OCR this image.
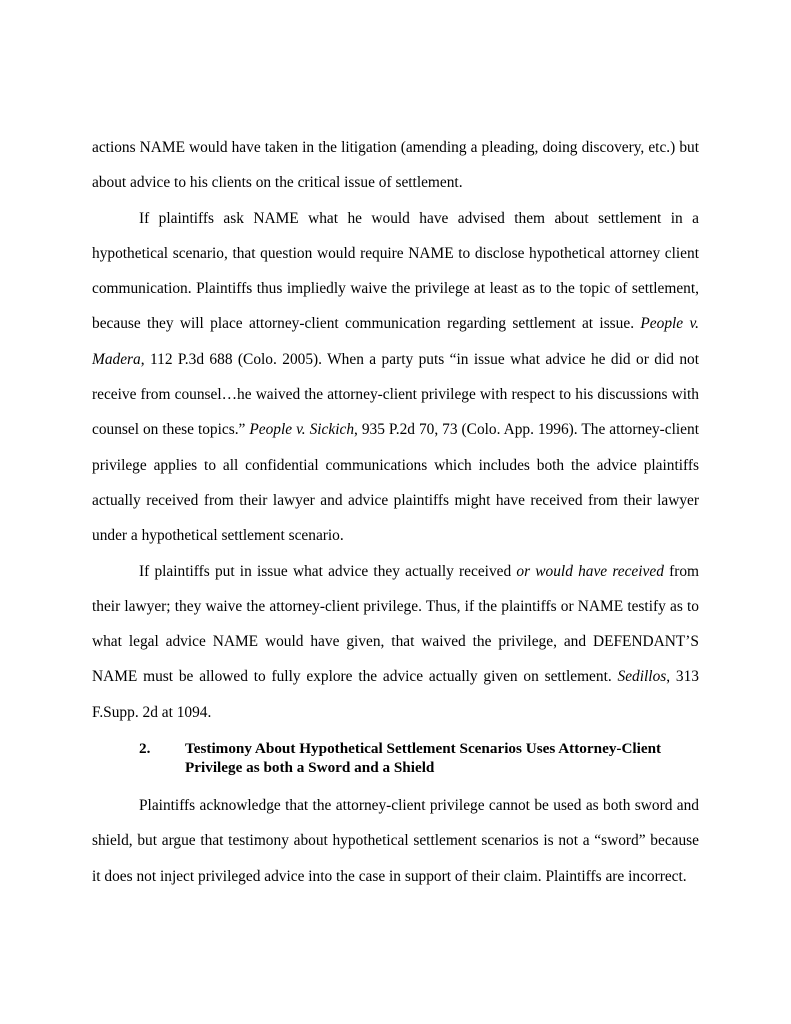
actions NAME would have taken in the litigation (amending a pleading, doing discovery, etc.) but about advice to his clients on the critical issue of settlement.

If plaintiffs ask NAME what he would have advised them about settlement in a hypothetical scenario, that question would require NAME to disclose hypothetical attorney client communication. Plaintiffs thus impliedly waive the privilege at least as to the topic of settlement, because they will place attorney-client communication regarding settlement at issue. People v. Madera, 112 P.3d 688 (Colo. 2005). When a party puts “in issue what advice he did or did not receive from counsel…he waived the attorney-client privilege with respect to his discussions with counsel on these topics.” People v. Sickich, 935 P.2d 70, 73 (Colo. App. 1996). The attorney-client privilege applies to all confidential communications which includes both the advice plaintiffs actually received from their lawyer and advice plaintiffs might have received from their lawyer under a hypothetical settlement scenario.

If plaintiffs put in issue what advice they actually received or would have received from their lawyer; they waive the attorney-client privilege. Thus, if the plaintiffs or NAME testify as to what legal advice NAME would have given, that waived the privilege, and DEFENDANT’S NAME must be allowed to fully explore the advice actually given on settlement. Sedillos, 313 F.Supp. 2d at 1094.

2. Testimony About Hypothetical Settlement Scenarios Uses Attorney-Client Privilege as both a Sword and a Shield

Plaintiffs acknowledge that the attorney-client privilege cannot be used as both sword and shield, but argue that testimony about hypothetical settlement scenarios is not a “sword” because it does not inject privileged advice into the case in support of their claim. Plaintiffs are incorrect.
